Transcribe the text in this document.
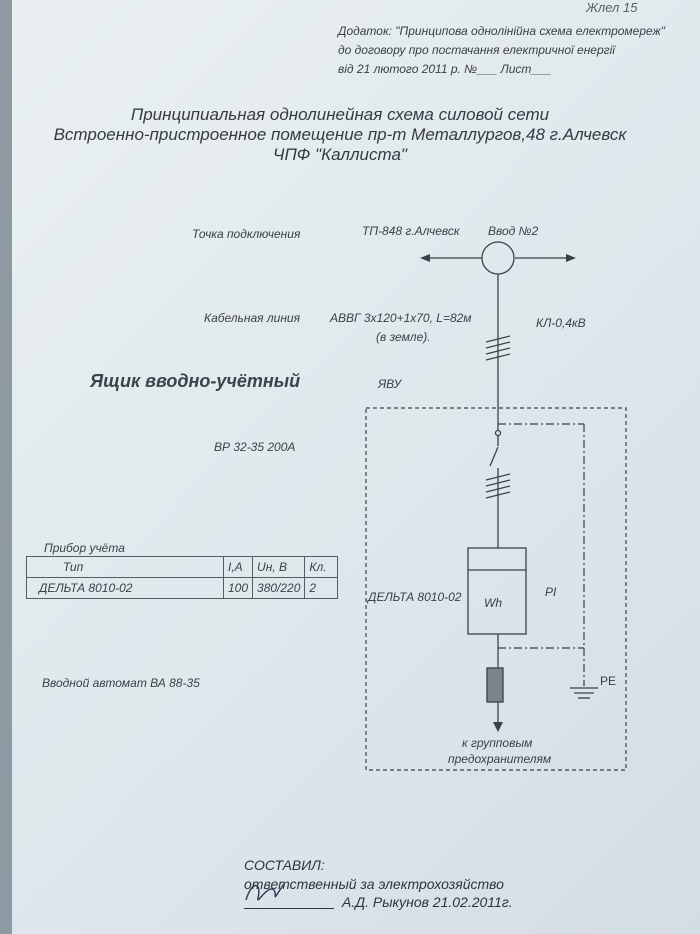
Жлел 15
Додаток: "Принципова однолінійна схема електромереж"
до договору про постачання електричної енергії
від 21 лютого 2011 р. №___ Лист___
Принципиальная однолинейная схема силовой сети
Встроенно-пристроенное помещение пр-т Металлургов,48 г.Алчевск
ЧПФ "Каллиста"
Точка подключения	ТП-848 г.Алчевск Ввод №2
Кабельная линия	АВВГ 3х120+1х70, L=82м
(в земле).
КЛ-0,4кВ
Ящик вводно-учётный	ЯВУ
ВР 32-35 200А
Прибор учёта
Тип	I,А	Uн, В	Кл.
ДЕЛЬТА 8010-02	100	380/220	2
ДЕЛЬТА 8010-02 Wh
PI
PE
Вводной автомат ВА 88-35
к групповым
предохранителям
СОСТАВИЛ:
ответственный за электрохозяйство
А.Д. Рыкунов 21.02.2011г.
